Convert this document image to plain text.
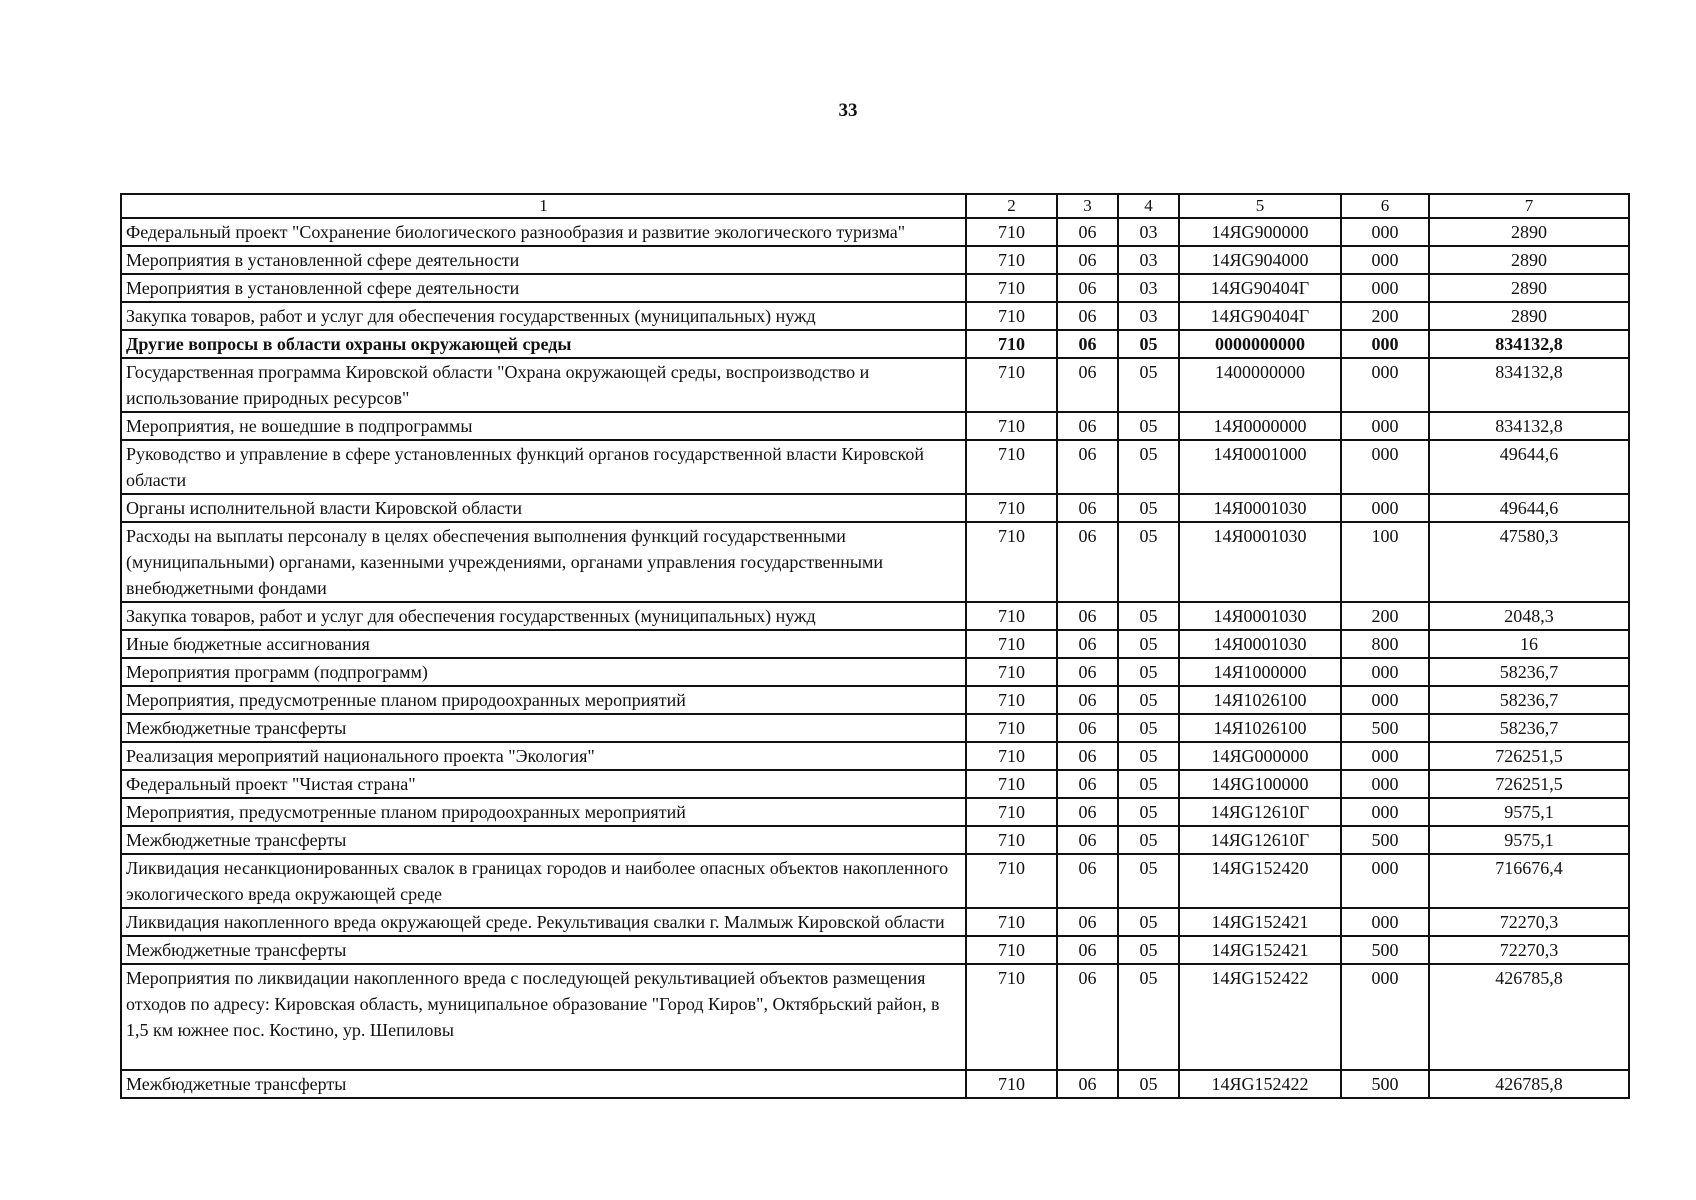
33
1	2	3	4	5	6	7
Федеральный проект "Сохранение биологического разнообразия и развитие экологического туризма"	710	06	03	14ЯG900000	000	2890
Мероприятия в установленной сфере деятельности	710	06	03	14ЯG904000	000	2890
Мероприятия в установленной сфере деятельности	710	06	03	14ЯG90404Г	000	2890
Закупка товаров, работ и услуг для обеспечения государственных (муниципальных) нужд	710	06	03	14ЯG90404Г	200	2890
Другие вопросы в области охраны окружающей среды	710	06	05	0000000000	000	834132,8
Государственная программа Кировской области "Охрана окружающей среды, воспроизводство и использование природных ресурсов"	710	06	05	1400000000	000	834132,8
Мероприятия, не вошедшие в подпрограммы	710	06	05	14Я0000000	000	834132,8
Руководство и управление в сфере установленных функций органов государственной власти Кировской области	710	06	05	14Я0001000	000	49644,6
Органы исполнительной власти Кировской области	710	06	05	14Я0001030	000	49644,6
Расходы на выплаты персоналу в целях обеспечения выполнения функций государственными (муниципальными) органами, казенными учреждениями, органами управления государственными внебюджетными фондами	710	06	05	14Я0001030	100	47580,3
Закупка товаров, работ и услуг для обеспечения государственных (муниципальных) нужд	710	06	05	14Я0001030	200	2048,3
Иные бюджетные ассигнования	710	06	05	14Я0001030	800	16
Мероприятия программ (подпрограмм)	710	06	05	14Я1000000	000	58236,7
Мероприятия, предусмотренные планом природоохранных мероприятий	710	06	05	14Я1026100	000	58236,7
Межбюджетные трансферты	710	06	05	14Я1026100	500	58236,7
Реализация мероприятий национального проекта "Экология"	710	06	05	14ЯG000000	000	726251,5
Федеральный проект "Чистая страна"	710	06	05	14ЯG100000	000	726251,5
Мероприятия, предусмотренные планом природоохранных мероприятий	710	06	05	14ЯG12610Г	000	9575,1
Межбюджетные трансферты	710	06	05	14ЯG12610Г	500	9575,1
Ликвидация несанкционированных свалок в границах городов и наиболее опасных объектов накопленного экологического вреда окружающей среде	710	06	05	14ЯG152420	000	716676,4
Ликвидация накопленного вреда окружающей среде. Рекультивация свалки г. Малмыж Кировской области	710	06	05	14ЯG152421	000	72270,3
Межбюджетные трансферты	710	06	05	14ЯG152421	500	72270,3
Мероприятия по ликвидации накопленного вреда с последующей рекультивацией объектов размещения отходов по адресу: Кировская область, муниципальное образование "Город Киров", Октябрьский район, в 1,5 км южнее пос. Костино, ур. Шепиловы	710	06	05	14ЯG152422	000	426785,8
Межбюджетные трансферты	710	06	05	14ЯG152422	500	426785,8
